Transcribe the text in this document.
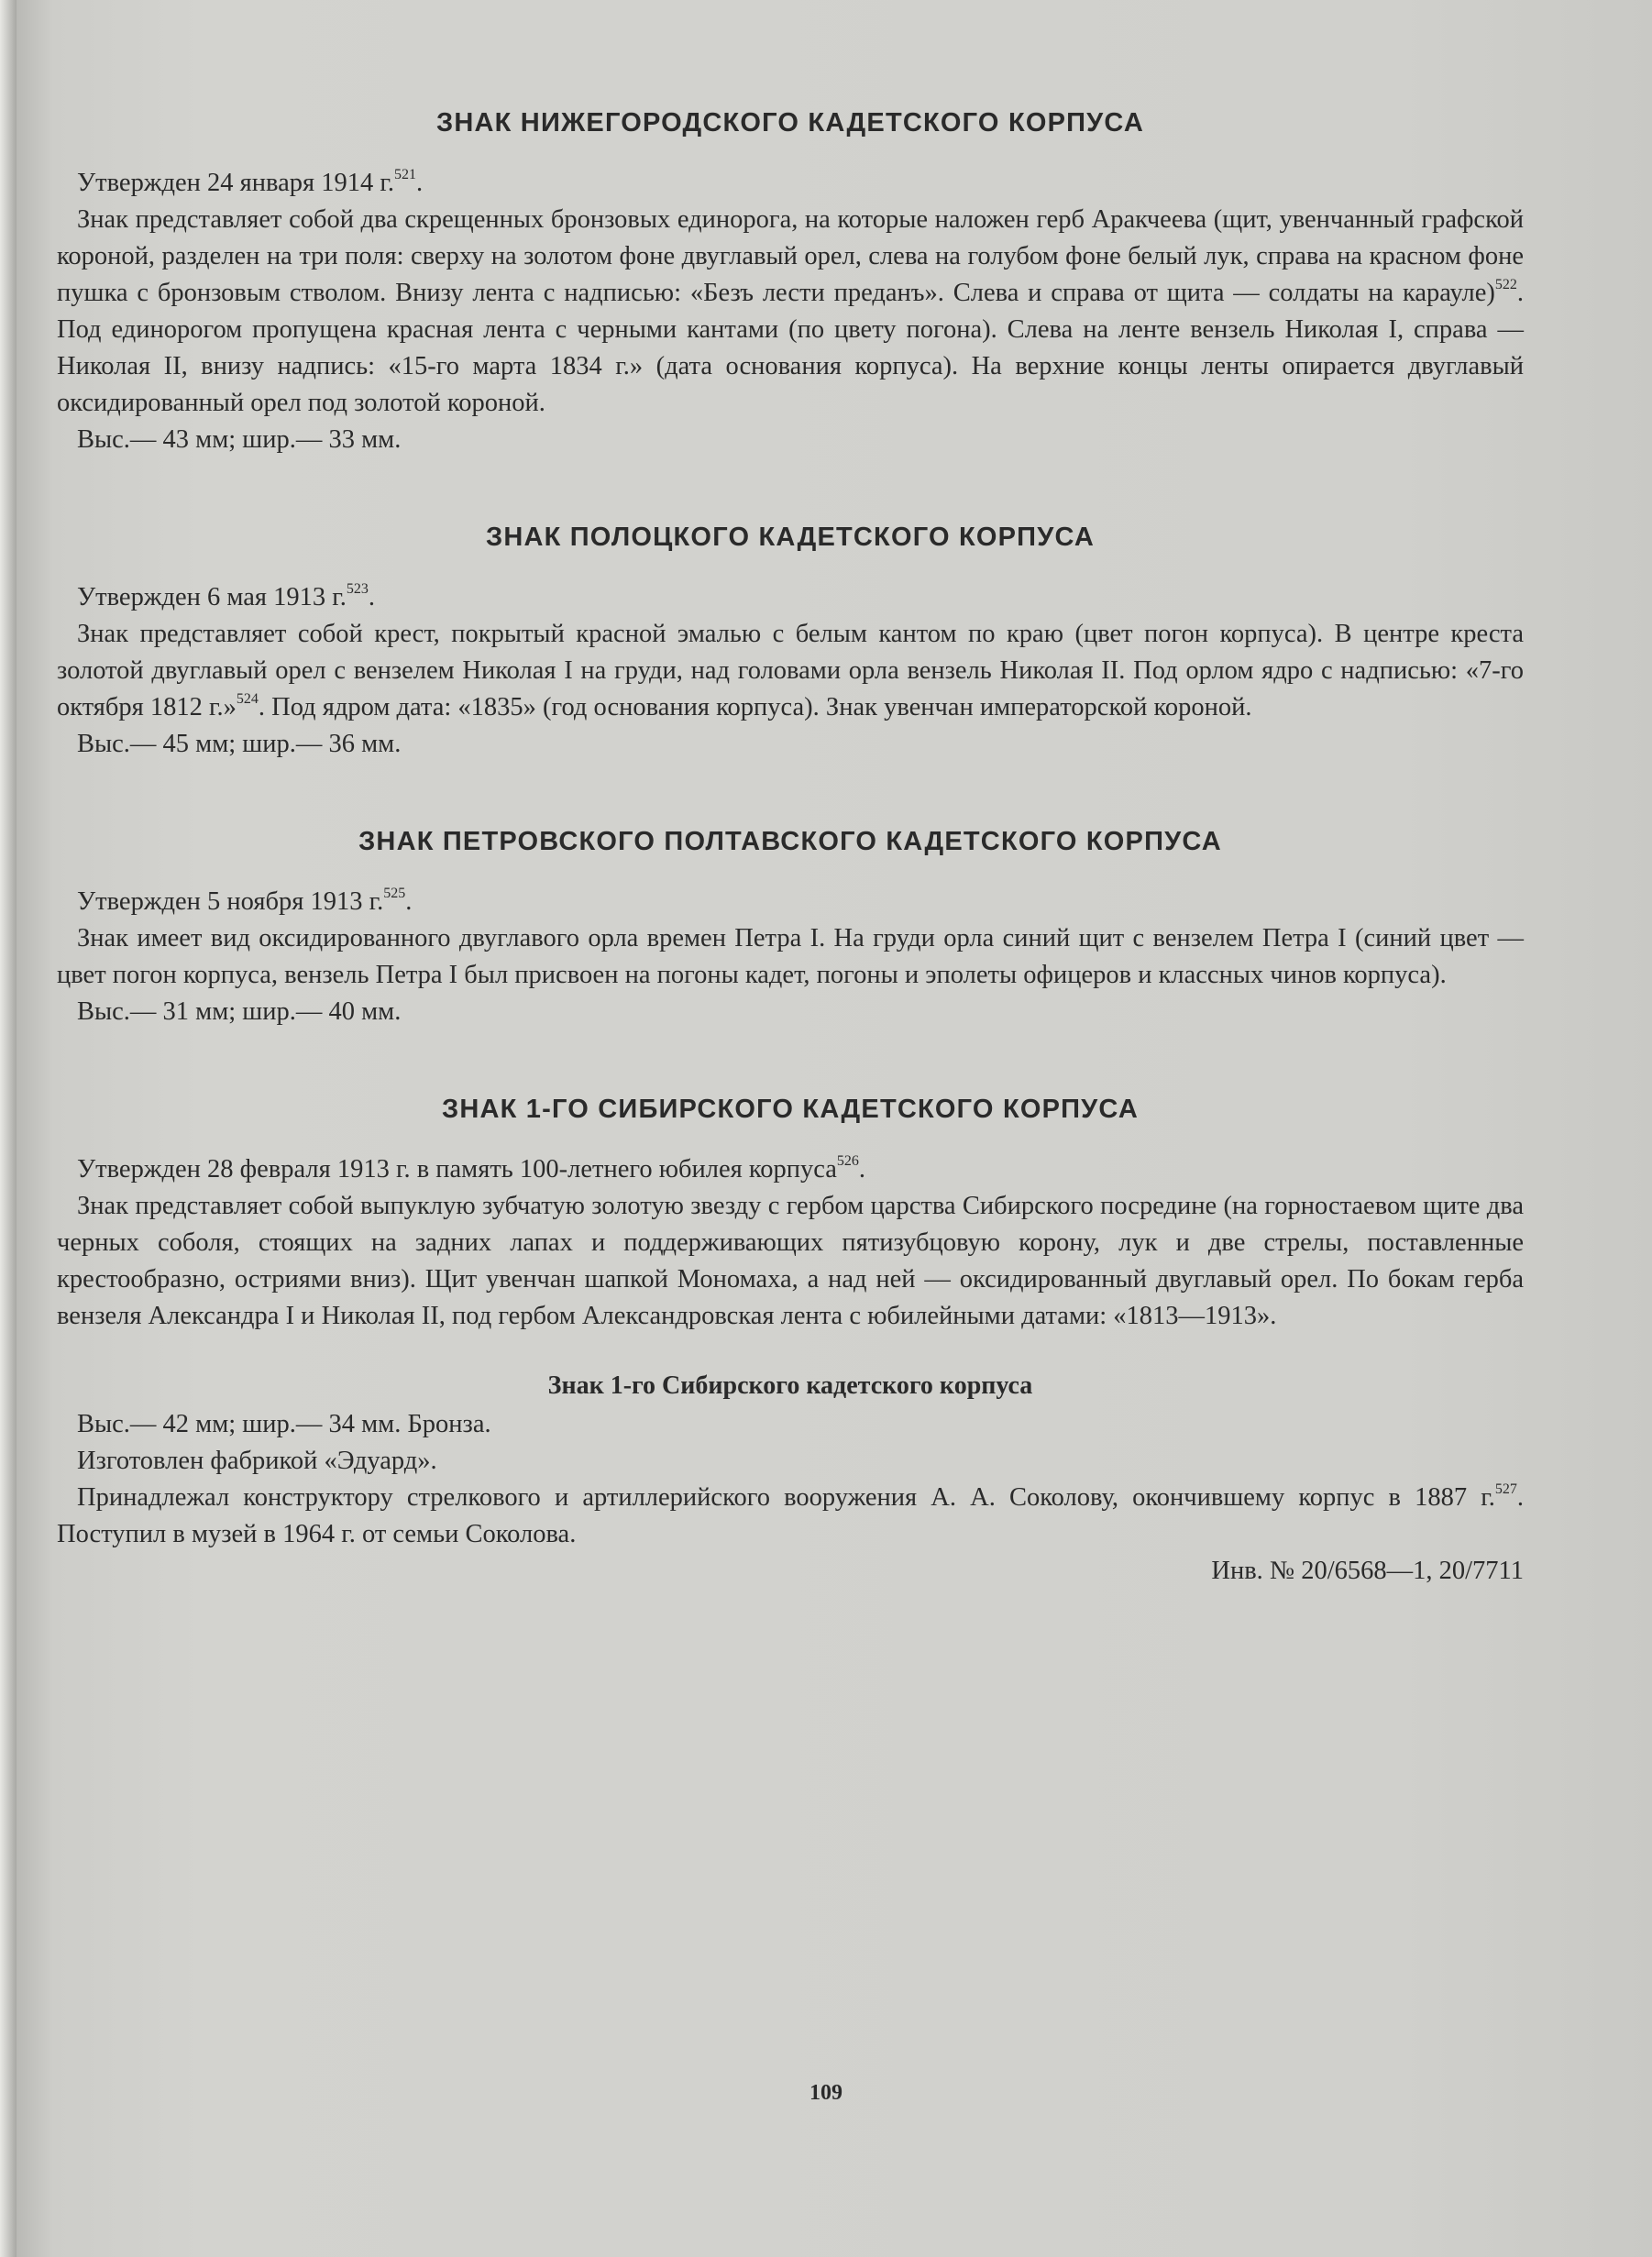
ЗНАК НИЖЕГОРОДСКОГО КАДЕТСКОГО КОРПУСА

Утвержден 24 января 1914 г.$^{521}$.

Знак представляет собой два скрещенных бронзовых единорога, на которые наложен герб Аракчеева (щит, увенчанный графской короной, разделен на три поля: сверху на золотом фоне двуглавый орел, слева на голубом фоне белый лук, справа на красном фоне пушка с бронзовым стволом. Внизу лента с надписью: «Безъ лести преданъ». Слева и справа от щита — солдаты на карауле)$^{522}$. Под единорогом пропущена красная лента с черными кантами (по цвету погона). Слева на ленте вензель Николая I, справа — Николая II, внизу надпись: «15-го марта 1834 г.» (дата основания корпуса). На верхние концы ленты опирается двуглавый оксидированный орел под золотой короной.

Выс.— 43 мм; шир.— 33 мм.

ЗНАК ПОЛОЦКОГО КАДЕТСКОГО КОРПУСА

Утвержден 6 мая 1913 г.$^{523}$.

Знак представляет собой крест, покрытый красной эмалью с белым кантом по краю (цвет погон корпуса). В центре креста золотой двуглавый орел с вензелем Николая I на груди, над головами орла вензель Николая II. Под орлом ядро с надписью: «7-го октября 1812 г.»$^{524}$. Под ядром дата: «1835» (год основания корпуса). Знак увенчан императорской короной.

Выс.— 45 мм; шир.— 36 мм.

ЗНАК ПЕТРОВСКОГО ПОЛТАВСКОГО КАДЕТСКОГО КОРПУСА

Утвержден 5 ноября 1913 г.$^{525}$.

Знак имеет вид оксидированного двуглавого орла времен Петра I. На груди орла синий щит с вензелем Петра I (синий цвет — цвет погон корпуса, вензель Петра I был присвоен на погоны кадет, погоны и эполеты офицеров и классных чинов корпуса).

Выс.— 31 мм; шир.— 40 мм.

ЗНАК 1-ГО СИБИРСКОГО КАДЕТСКОГО КОРПУСА

Утвержден 28 февраля 1913 г. в память 100-летнего юбилея корпуса$^{526}$.

Знак представляет собой выпуклую зубчатую золотую звезду с гербом царства Сибирского посредине (на горностаевом щите два черных соболя, стоящих на задних лапах и поддерживающих пятизубцовую корону, лук и две стрелы, поставленные крестообразно, остриями вниз). Щит увенчан шапкой Мономаха, а над ней — оксидированный двуглавый орел. По бокам герба вензеля Александра I и Николая II, под гербом Александровская лента с юбилейными датами: «1813—1913».

Знак 1-го Сибирского кадетского корпуса

Выс.— 42 мм; шир.— 34 мм. Бронза.

Изготовлен фабрикой «Эдуард».

Принадлежал конструктору стрелкового и артиллерийского вооружения А. А. Соколову, окончившему корпус в 1887 г.$^{527}$. Поступил в музей в 1964 г. от семьи Соколова.

Инв. № 20/6568—1, 20/7711

109
